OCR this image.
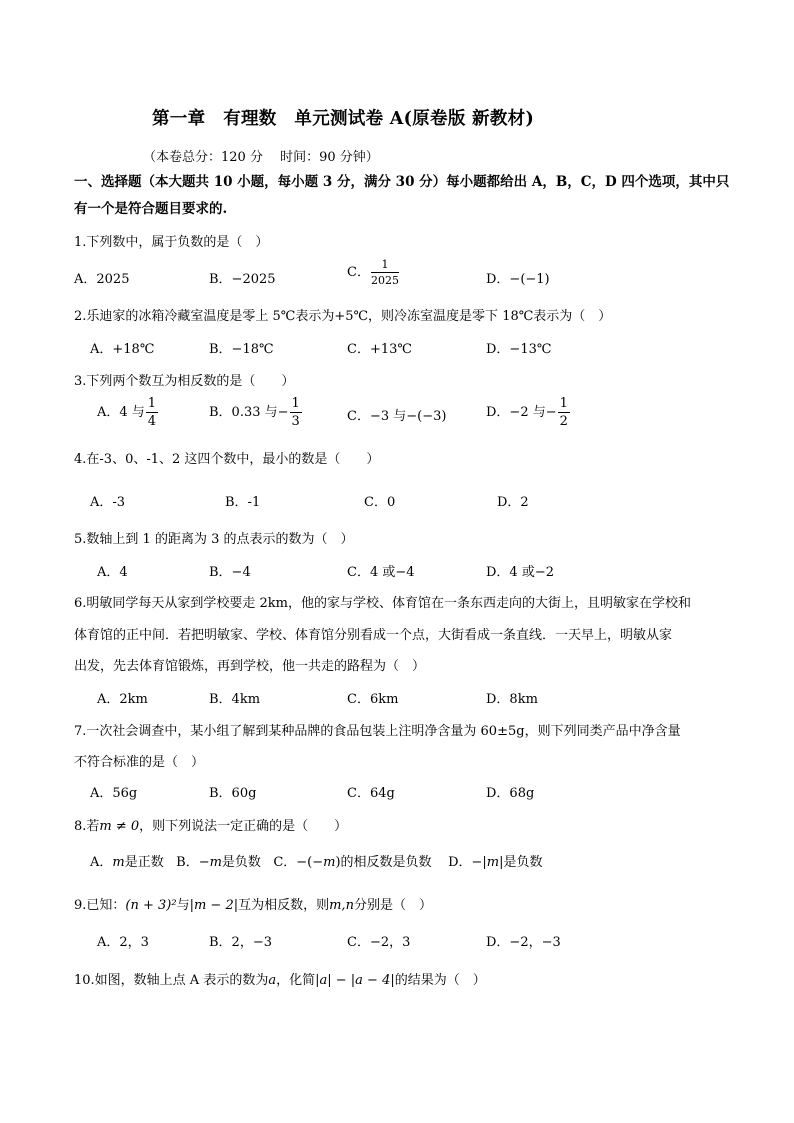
第一章　有理数　单元测试卷 A(原卷版 新教材)
（本卷总分：120 分　 时间：90 分钟）
一、选择题（本大题共 10 小题，每小题 3 分，满分 30 分）每小题都给出 A，B，C，D 四个选项，其中只
有一个是符合题目要求的.
1.下列数中，属于负数的是（　）
A．2025	B．−2025	C． $\frac{1}{2025}$	D．−(−1)
2.乐迪家的冰箱冷藏室温度是零上 5℃表示为+5℃，则冷冻室温度是零下 18℃表示为（　）
A．+18℃	B．−18℃	C．+13℃	D．−13℃
3.下列两个数互为相反数的是（　　）
A．4 与 $\frac{1}{4}$	B．0.33 与− $\frac{1}{3}$	C．−3 与−(−3)	D．−2 与− $\frac{1}{2}$
4.在-3、0、-1、2 这四个数中，最小的数是（　　）
A．-3	B．-1	C．0	D．2
5.数轴上到 1 的距离为 3 的点表示的数为（　）
A．4	B．−4	C．4 或−4	D．4 或−2
6.明敏同学每天从家到学校要走 2km，他的家与学校、体育馆在一条东西走向的大街上，且明敏家在学校和
体育馆的正中间．若把明敏家、学校、体育馆分别看成一个点，大街看成一条直线．一天早上，明敏从家
出发，先去体育馆锻炼，再到学校，他一共走的路程为（　）
A．2km	B．4km	C．6km	D．8km
7.一次社会调查中，某小组了解到某种品牌的食品包装上注明净含量为 60±5g，则下列同类产品中净含量
不符合标准的是（　）
A．56g	B．60g	C．64g	D．68g
8.若m ≠ 0，则下列说法一定正确的是（　　）
A．m是正数 B．−m是负数 C．−(−m)的相反数是负数 D．−|m|是负数
9.已知：(n + 3)²与|m − 2|互为相反数，则m,n分别是（　）
A．2，3	B．2，−3	C．−2，3	D．−2，−3
10.如图，数轴上点 A 表示的数为a，化简|a| − |a − 4|的结果为（　）
